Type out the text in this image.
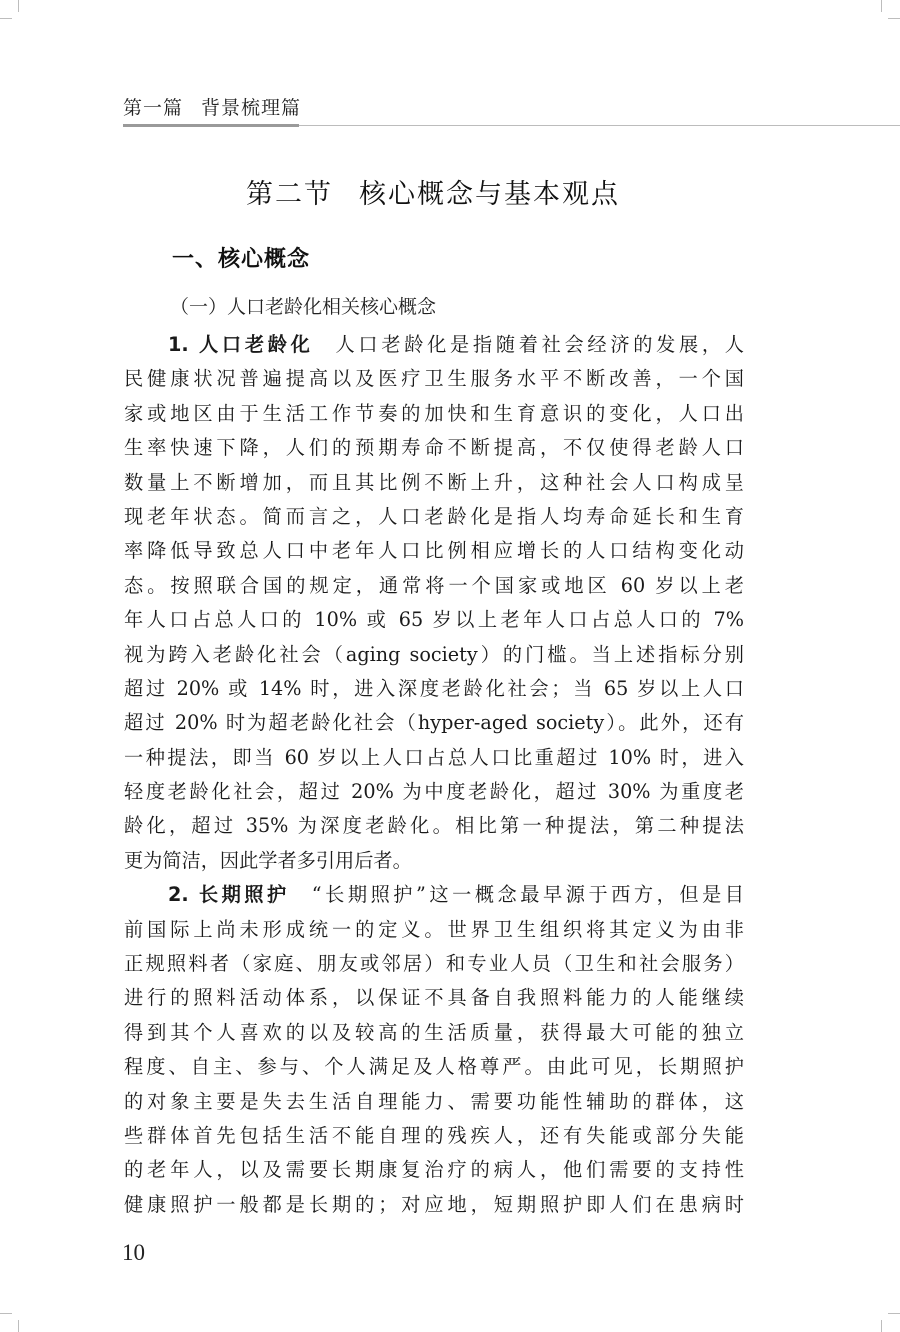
第一篇 背景梳理篇
第二节 核心概念与基本观点
一、核心概念
（一）人口老龄化相关核心概念
1. 人口老龄化 人口老龄化是指随着社会经济的发展，人
民健康状况普遍提高以及医疗卫生服务水平不断改善，一个国
家或地区由于生活工作节奏的加快和生育意识的变化，人口出
生率快速下降，人们的预期寿命不断提高，不仅使得老龄人口
数量上不断增加，而且其比例不断上升，这种社会人口构成呈
现老年状态。简而言之，人口老龄化是指人均寿命延长和生育
率降低导致总人口中老年人口比例相应增长的人口结构变化动
态。按照联合国的规定，通常将一个国家或地区 60 岁以上老
年人口占总人口的 10% 或 65 岁以上老年人口占总人口的 7%
视为跨入老龄化社会（aging society）的门槛。当上述指标分别
超过 20% 或 14% 时，进入深度老龄化社会；当 65 岁以上人口
超过 20% 时为超老龄化社会（hyper-aged society）。此外，还有
一种提法，即当 60 岁以上人口占总人口比重超过 10% 时，进入
轻度老龄化社会，超过 20% 为中度老龄化，超过 30% 为重度老
龄化，超过 35% 为深度老龄化。相比第一种提法，第二种提法
更为简洁，因此学者多引用后者。
2. 长期照护 “长期照护”这一概念最早源于西方，但是目
前国际上尚未形成统一的定义。世界卫生组织将其定义为由非
正规照料者（家庭、朋友或邻居）和专业人员（卫生和社会服务）
进行的照料活动体系，以保证不具备自我照料能力的人能继续
得到其个人喜欢的以及较高的生活质量，获得最大可能的独立
程度、自主、参与、个人满足及人格尊严。由此可见，长期照护
的对象主要是失去生活自理能力、需要功能性辅助的群体，这
些群体首先包括生活不能自理的残疾人，还有失能或部分失能
的老年人，以及需要长期康复治疗的病人，他们需要的支持性
健康照护一般都是长期的；对应地，短期照护即人们在患病时
10
